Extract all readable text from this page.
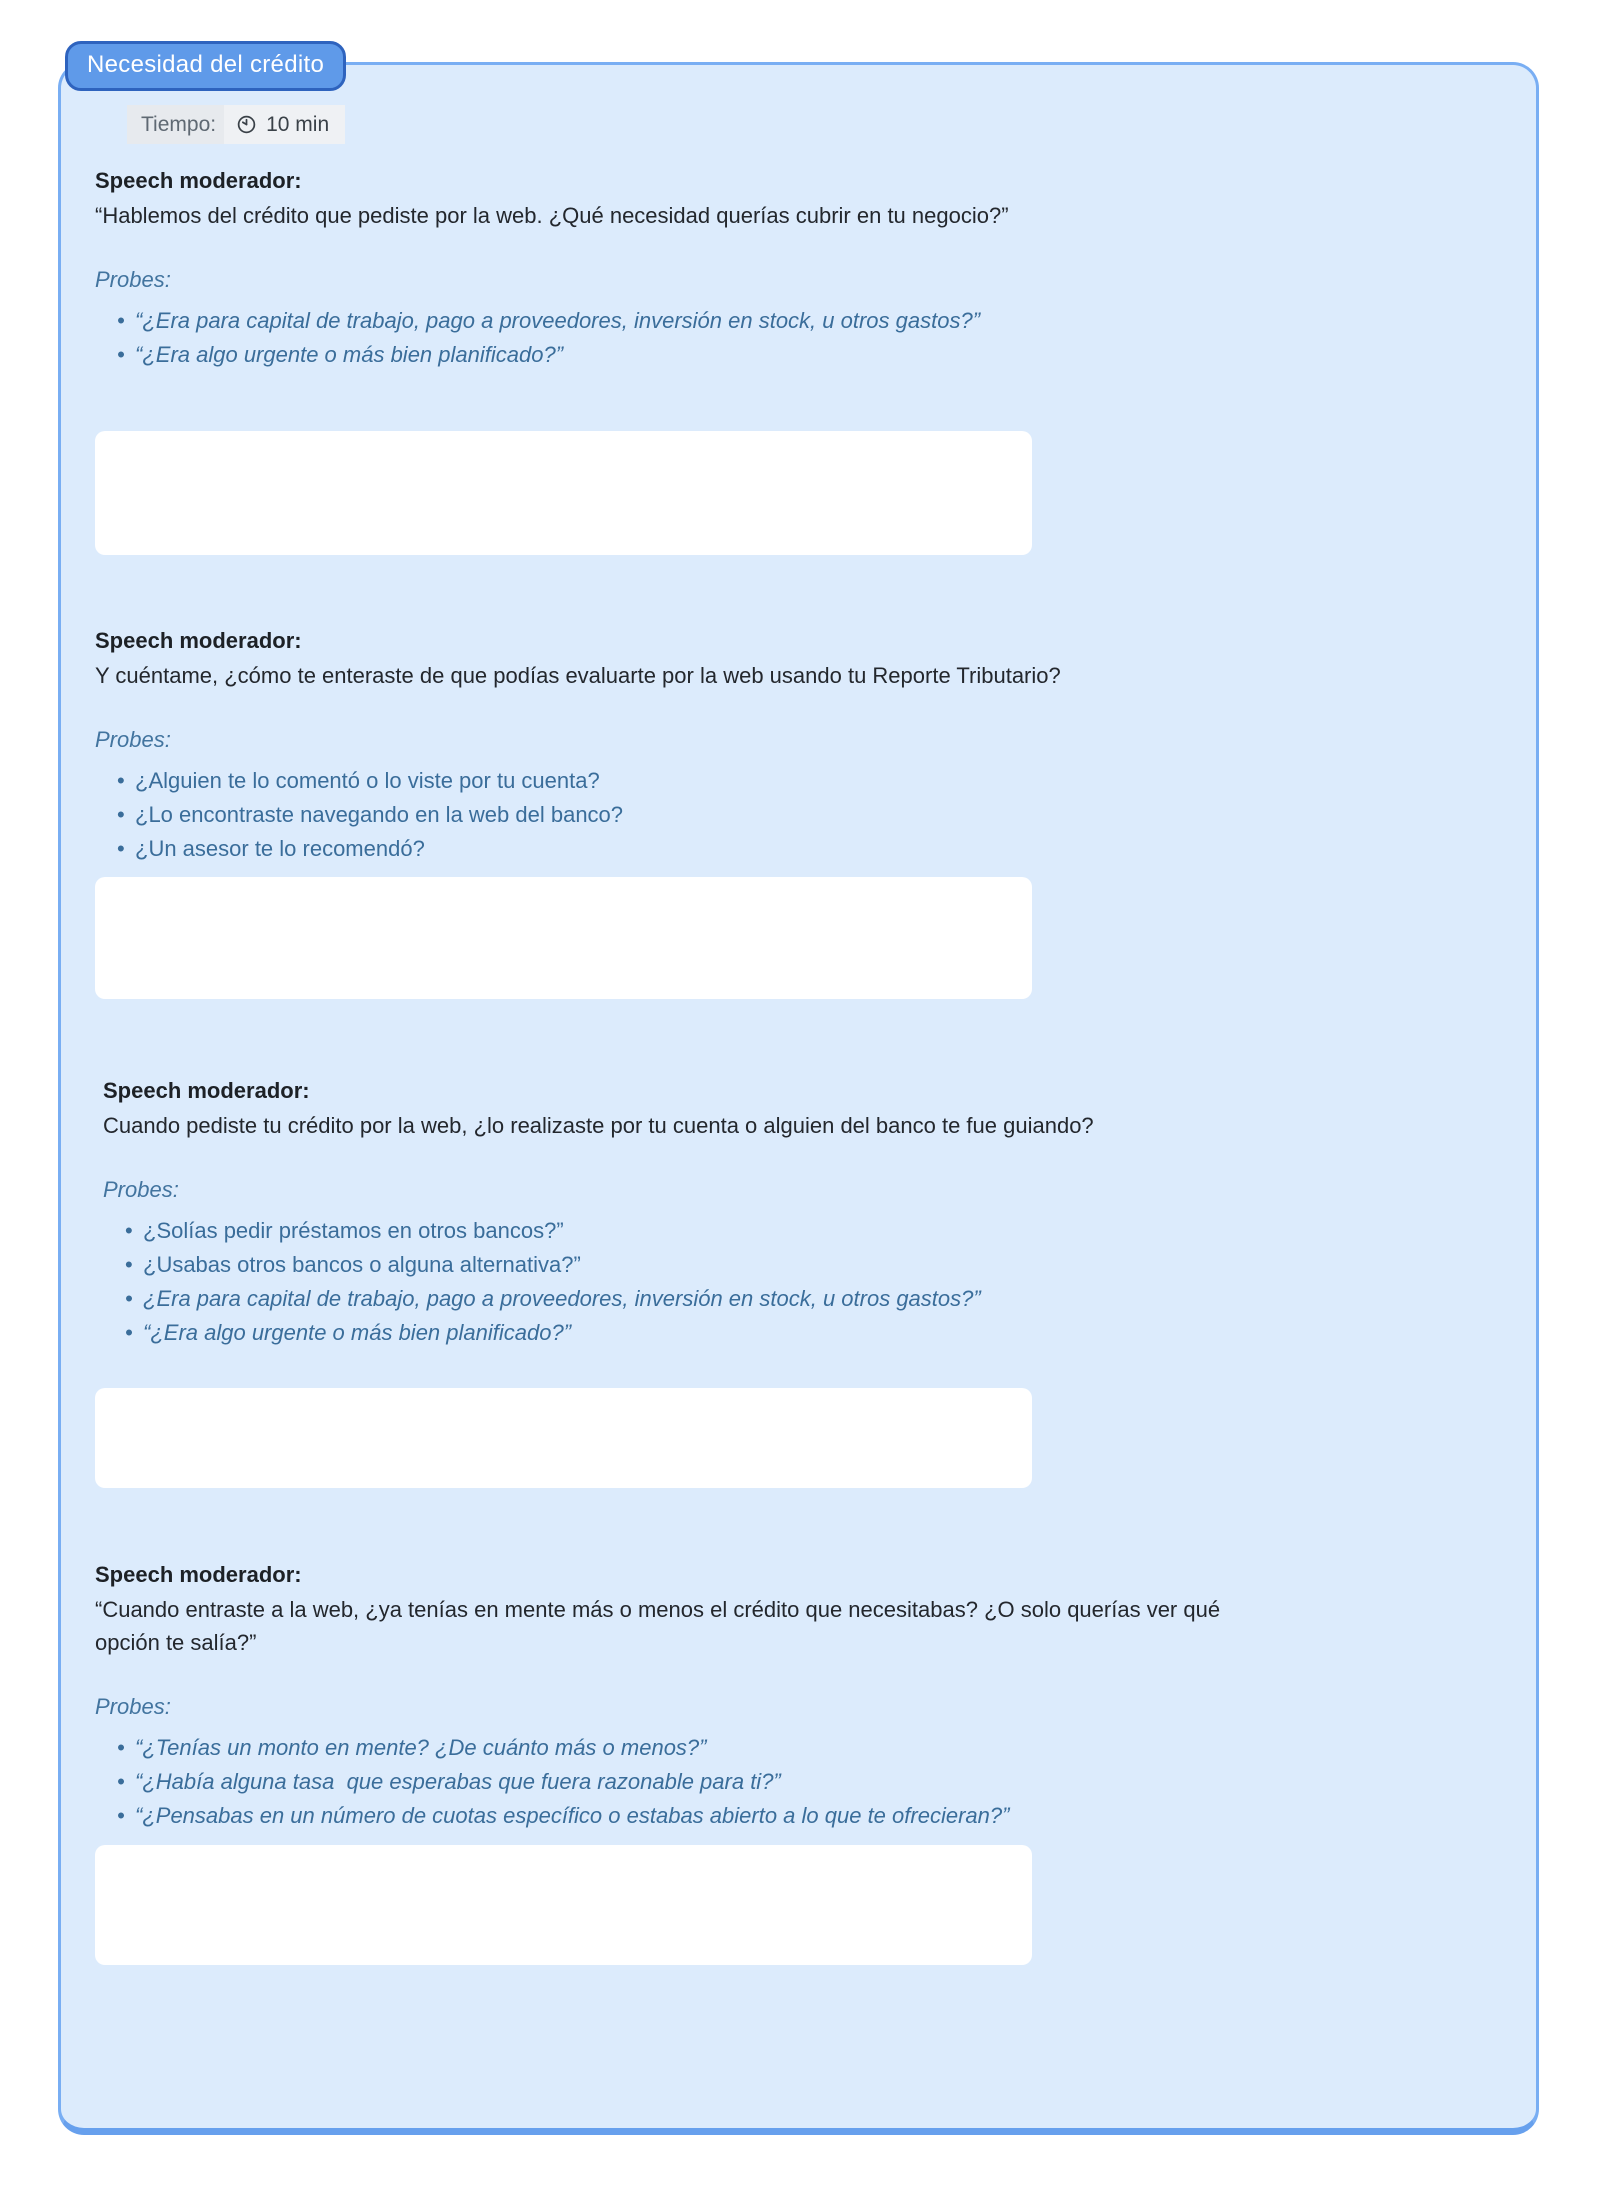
Necesidad del crédito
Tiempo:	10 min
Speech moderador:
“Hablemos del crédito que pediste por la web. ¿Qué necesidad querías cubrir en tu negocio?”
Probes:
• “¿Era para capital de trabajo, pago a proveedores, inversión en stock, u otros gastos?”
• “¿Era algo urgente o más bien planificado?”
Speech moderador:
Y cuéntame, ¿cómo te enteraste de que podías evaluarte por la web usando tu Reporte Tributario?
Probes:
• ¿Alguien te lo comentó o lo viste por tu cuenta?
• ¿Lo encontraste navegando en la web del banco?
• ¿Un asesor te lo recomendó?
Speech moderador:
Cuando pediste tu crédito por la web, ¿lo realizaste por tu cuenta o alguien del banco te fue guiando?
Probes:
• ¿Solías pedir préstamos en otros bancos?”
• ¿Usabas otros bancos o alguna alternativa?”
• ¿Era para capital de trabajo, pago a proveedores, inversión en stock, u otros gastos?”
• “¿Era algo urgente o más bien planificado?”
Speech moderador:
“Cuando entraste a la web, ¿ya tenías en mente más o menos el crédito que necesitabas? ¿O solo querías ver qué opción te salía?”
Probes:
• “¿Tenías un monto en mente? ¿De cuánto más o menos?”
• “¿Había alguna tasa  que esperabas que fuera razonable para ti?”
• “¿Pensabas en un número de cuotas específico o estabas abierto a lo que te ofrecieran?”
